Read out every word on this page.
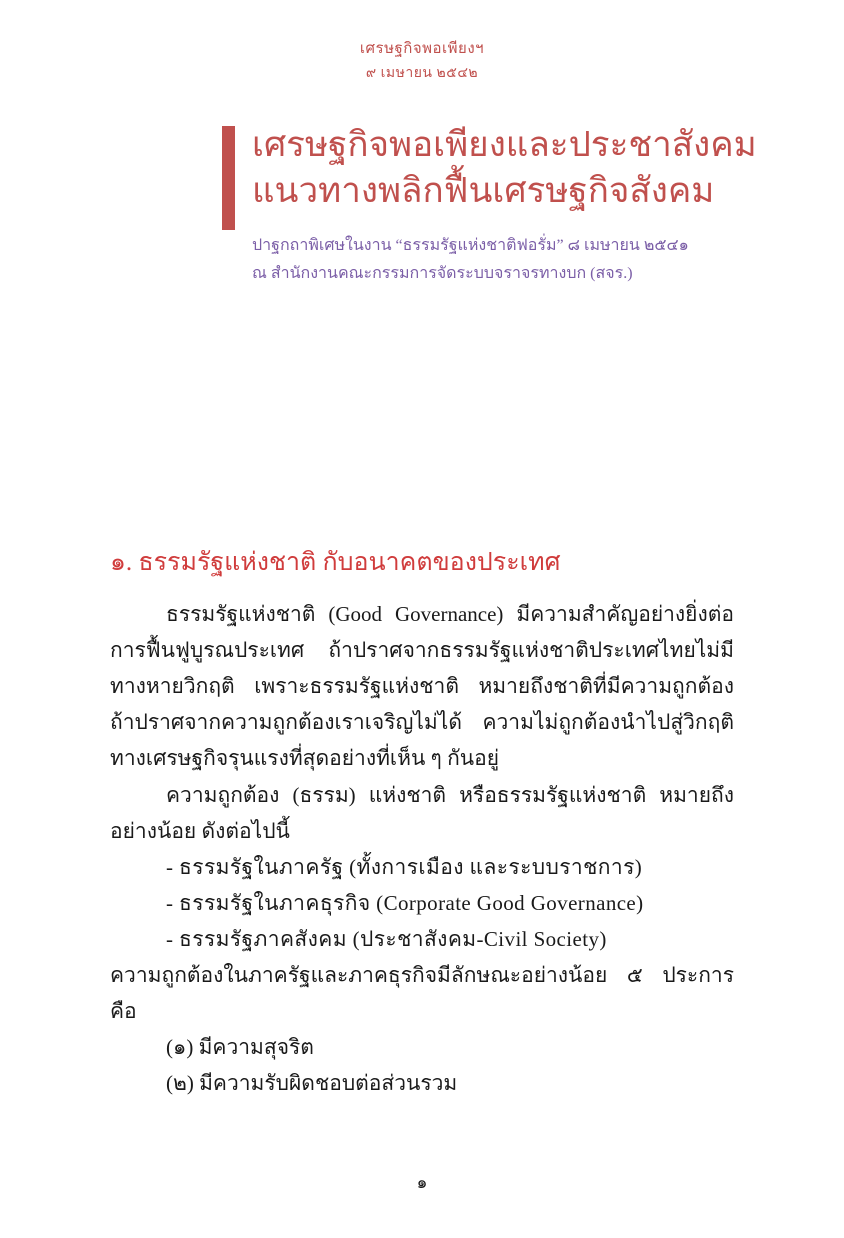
เศรษฐกิจพอเพียงฯ
๙ เมษายน ๒๕๔๒
เศรษฐกิจพอเพียงและประชาสังคม
แนวทางพลิกฟื้นเศรษฐกิจสังคม
ปาฐกถาพิเศษในงาน “ธรรมรัฐแห่งชาติฟอรั่ม” ๘ เมษายน ๒๕๔๑
ณ สำนักงานคณะกรรมการจัดระบบจราจรทางบก (สจร.)
๑. ธรรมรัฐแห่งชาติ กับอนาคตของประเทศ

ธรรมรัฐแห่งชาติ (Good Governance) มีความสำคัญอย่างยิ่งต่อการฟื้นฟูบูรณประเทศ ถ้าปราศจากธรรมรัฐแห่งชาติประเทศไทยไม่มีทางหายวิกฤติ เพราะธรรมรัฐแห่งชาติ หมายถึงชาติที่มีความถูกต้อง ถ้าปราศจากความถูกต้องเราเจริญไม่ได้ ความไม่ถูกต้องนำไปสู่วิกฤติทางเศรษฐกิจรุนแรงที่สุดอย่างที่เห็น ๆ กันอยู่

ความถูกต้อง (ธรรม) แห่งชาติ หรือธรรมรัฐแห่งชาติ หมายถึงอย่างน้อย ดังต่อไปนี้

- ธรรมรัฐในภาครัฐ (ทั้งการเมือง และระบบราชการ)

- ธรรมรัฐในภาคธุรกิจ (Corporate Good Governance)

- ธรรมรัฐภาคสังคม (ประชาสังคม-Civil Society)

ความถูกต้องในภาครัฐและภาคธุรกิจมีลักษณะอย่างน้อย ๕ ประการ คือ

(๑) มีความสุจริต

(๒) มีความรับผิดชอบต่อส่วนรวม

๑
